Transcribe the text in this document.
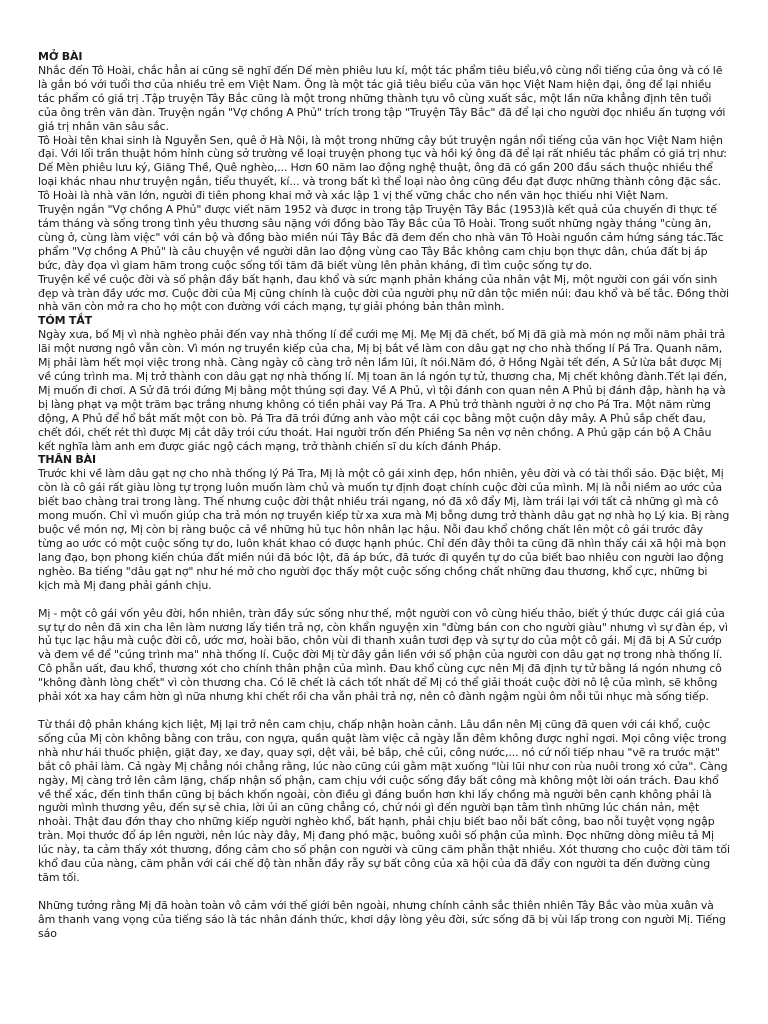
MỞ BÀI

Nhắc đến Tô Hoài, chắc hẳn ai cũng sẽ nghĩ đến Dế mèn phiêu lưu kí, một tác phẩm tiêu biểu,vô cùng nổi tiếng của ông và có lẽ là gắn bó với tuổi thơ của nhiều trẻ em Việt Nam. Ông là một tác giả tiêu biểu của văn học Việt Nam hiện đại, ông để lại nhiều tác phẩm có giá trị .Tập truyện Tây Bắc cũng là một trong những thành tựu vô cùng xuất sắc, một lần nữa khẳng định tên tuổi của ông trên văn đàn. Truyện ngắn "Vợ chồng A Phủ" trích trong tập "Truyện Tây Bắc" đã để lại cho người đọc nhiều ấn tượng với giá trị nhân văn sâu sắc.

Tô Hoài tên khai sinh là Nguyễn Sen, quê ở Hà Nội, là một trong những cây bút truyện ngắn nổi tiếng của văn học Việt Nam hiện đại. Với lối trần thuật hóm hỉnh cùng sở trường về loại truyện phong tục và hồi ký ông đã để lại rất nhiều tác phẩm có giá trị như: Dế Mèn phiêu lưu ký, Giăng Thề, Quê nghèo,... Hơn 60 năm lao động nghệ thuật, ông đã có gần 200 đầu sách thuộc nhiều thể loại khác nhau như truyện ngắn, tiểu thuyết, kí... và trong bất kì thể loại nào ông cũng đều đạt được những thành công đặc sắc. Tô Hoài là nhà văn lớn, người đi tiên phong khai mở và xác lập 1 vị thế vững chắc cho nền văn học thiếu nhi Việt Nam.

Truyện ngắn "Vợ chồng A Phủ" được viết năm 1952 và được in trong tập Truyện Tây Bắc (1953)là kết quả của chuyến đi thực tế tám tháng và sống trong tình yêu thương sâu nặng với đồng bào Tây Bắc của Tô Hoài. Trong suốt những ngày tháng "cùng ăn, cùng ở, cùng làm việc" với cán bộ và đồng bào miền núi Tây Bắc đã đem đến cho nhà văn Tô Hoài nguồn cảm hứng sáng tác.Tác phẩm "Vợ chồng A Phủ" là câu chuyện về người dân lao động vùng cao Tây Bắc không cam chịu bọn thực dân, chúa đất bị áp bức, đày đọa vì giam hãm trong cuộc sống tối tăm đã biết vùng lên phản kháng, đi tìm cuộc sống tự do.

Truyện kể về cuộc đời và số phận đầy bất hạnh, đau khổ và sức mạnh phản kháng của nhân vật Mị, một người con gái vốn sinh đẹp và tràn đầy ước mơ. Cuộc đời của Mị cũng chính là cuộc đời của người phụ nữ dân tộc miền núi: đau khổ và bế tắc. Đồng thời nhà văn còn mở ra cho họ một con đường với cách mạng, tự giải phóng bản thân mình.

TÓM TẮT

Ngày xưa, bố Mị vì nhà nghèo phải đến vay nhà thống lí để cưới mẹ Mị. Mẹ Mị đã chết, bố Mị đã già mà món nợ mỗi năm phải trả lãi một nương ngô vẫn còn. Vì món nợ truyền kiếp của cha, Mị bị bắt về làm con dâu gạt nợ cho nhà thống lí Pá Tra. Quanh năm, Mị phải làm hết mọi việc trong nhà. Càng ngày cô càng trở nên lầm lũi, ít nói.Năm đó, ở Hồng Ngài tết đến, A Sử lừa bắt được Mị về cúng trình ma. Mị trở thành con dâu gạt nợ nhà thống lí. Mị toan ăn lá ngón tự tử, thương cha, Mị chết không đành.Tết lại đến, Mị muốn đi chơi. A Sử đã trói đứng Mị bằng một thúng sợi đay. Về A Phủ, vì tội đánh con quan nên A Phủ bị đánh đập, hành hạ và bị làng phạt vạ một trăm bạc trắng nhưng không có tiền phải vay Pá Tra. A Phủ trở thành người ở nợ cho Pá Tra. Một năm rừng động, A Phủ để hổ bắt mất một con bò. Pá Tra đã trói đứng anh vào một cái cọc bằng một cuộn dây mây. A Phủ sắp chết đau, chết đói, chết rét thì được Mị cắt dây trói cứu thoát. Hai người trốn đến Phiềng Sa nên vợ nên chồng. A Phủ gặp cán bộ A Châu kết nghĩa làm anh em được giác ngộ cách mạng, trở thành chiến sĩ du kích đánh Pháp.

THÂN BÀI

Trước khi về làm dâu gạt nợ cho nhà thống lý Pá Tra, Mị là một cô gái xinh đẹp, hồn nhiên, yêu đời và có tài thổi sáo. Đặc biệt, Mị còn là cô gái rất giàu lòng tự trọng luôn muốn làm chủ và muốn tự định đoạt chính cuộc đời của mình. Mị là nỗi niềm ao ước của biết bao chàng trai trong làng. Thế nhưng cuộc đời thật nhiều trái ngang, nó đã xô đẩy Mị, làm trái lại với tất cả những gì mà cô mong muốn. Chỉ vì muốn giúp cha trả món nợ truyền kiếp từ xa xưa mà Mị bỗng dưng trở thành dâu gạt nợ nhà họ Lý kia. Bị ràng buộc về món nợ, Mị còn bị ràng buộc cả về những hủ tục hôn nhân lạc hậu. Nỗi đau khổ chồng chất lên một cô gái trước đây từng ao ước có một cuộc sống tự do, luôn khát khao có được hạnh phúc. Chỉ đến đây thôi ta cũng đã nhìn thấy cái xã hội mà bọn lang đạo, bọn phong kiến chúa đất miền núi đã bóc lột, đã áp bức, đã tước đi quyền tự do của biết bao nhiêu con người lao động nghèo. Ba tiếng "dâu gạt nợ" như hé mở cho người đọc thấy một cuộc sống chồng chất những đau thương, khổ cực, những bi kịch mà Mị đang phải gánh chịu.

Mị - một cô gái vốn yêu đời, hồn nhiên, tràn đầy sức sống như thế, một người con vô cùng hiếu thảo, biết ý thức được cái giá của sự tự do nên đã xin cha lên làm nương lấy tiền trả nợ, còn khẩn nguyện xin "đừng bán con cho người giàu" nhưng vì sự đàn ép, vì hủ tục lạc hậu mà cuộc đời cô, ước mơ, hoài bão, chôn vùi đi thanh xuân tươi đẹp và sự tự do của một cô gái. Mị đã bị A Sử cướp và đem về để "cúng trình ma" nhà thống lí. Cuộc đời Mị từ đây gắn liền với số phận của người con dâu gạt nợ trong nhà thống lí. Cô phẫn uất, đau khổ, thương xót cho chính thân phận của mình. Đau khổ cùng cực nên Mị đã định tự tử bằng lá ngón nhưng cô "không đành lòng chết" vì còn thương cha. Có lẽ chết là cách tốt nhất để Mị có thể giải thoát cuộc đời nô lệ của mình, sẽ không phải xót xa hay cắm hờn gì nữa nhưng khi chết rồi cha vẫn phải trả nợ, nên cô đành ngậm ngùi ôm nỗi tủi nhục mà sống tiếp.

Từ thái độ phản kháng kịch liệt, Mị lại trở nên cam chịu, chấp nhận hoàn cảnh. Lâu dần nên Mị cũng đã quen với cái khổ, cuộc sống của Mị còn không bằng con trâu, con ngựa, quần quật làm việc cả ngày lẫn đêm không được nghỉ ngơi. Mọi công việc trong nhà như hái thuốc phiện, giặt đay, xe đay, quay sợi, dệt vải, bẻ bắp, chẻ củi, công nước,... nó cứ nối tiếp nhau "vẽ ra trước mặt" bắt cô phải làm. Cả ngày Mị chẳng nói chẳng rằng, lúc nào cũng cúi gằm mặt xuống "lùi lũi như con rùa nuôi trong xó cửa". Càng ngày, Mị càng trở lên câm lặng, chấp nhận số phận, cam chịu với cuộc sống đầy bất công mà không một lời oán trách. Đau khổ về thể xác, đến tinh thần cũng bị bách khốn ngoài, còn điều gì đáng buồn hơn khi lấy chồng mà người bên cạnh không phải là người mình thương yêu, đến sự sẻ chia, lời ủi an cũng chẳng có, chứ nói gì đến người bạn tâm tình những lúc chán nản, mệt nhoài. Thật đau đớn thay cho những kiếp người nghèo khổ, bất hạnh, phải chịu biết bao nỗi bất công, bao nỗi tuyệt vọng ngập tràn. Mọi thước đổ áp lên người, nên lúc này đây, Mị đang phó mặc, buông xuôi số phận của mình. Đọc những dòng miêu tả Mị lúc này, ta cảm thấy xót thương, đồng cảm cho số phận con người và cũng căm phẫn thật nhiều. Xót thương cho cuộc đời tăm tối khổ đau của nàng, căm phẫn với cái chế độ tàn nhẫn đầy rẫy sự bất công của xã hội của đã đẩy con người ta đến đường cùng tăm tối.

Những tưởng rằng Mị đã hoàn toàn vô cảm với thế giới bên ngoài, nhưng chính cảnh sắc thiên nhiên Tây Bắc vào mùa xuân và âm thanh vang vọng của tiếng sáo là tác nhân đánh thức, khơi dậy lòng yêu đời, sức sống đã bị vùi lấp trong con người Mị. Tiếng sáo
